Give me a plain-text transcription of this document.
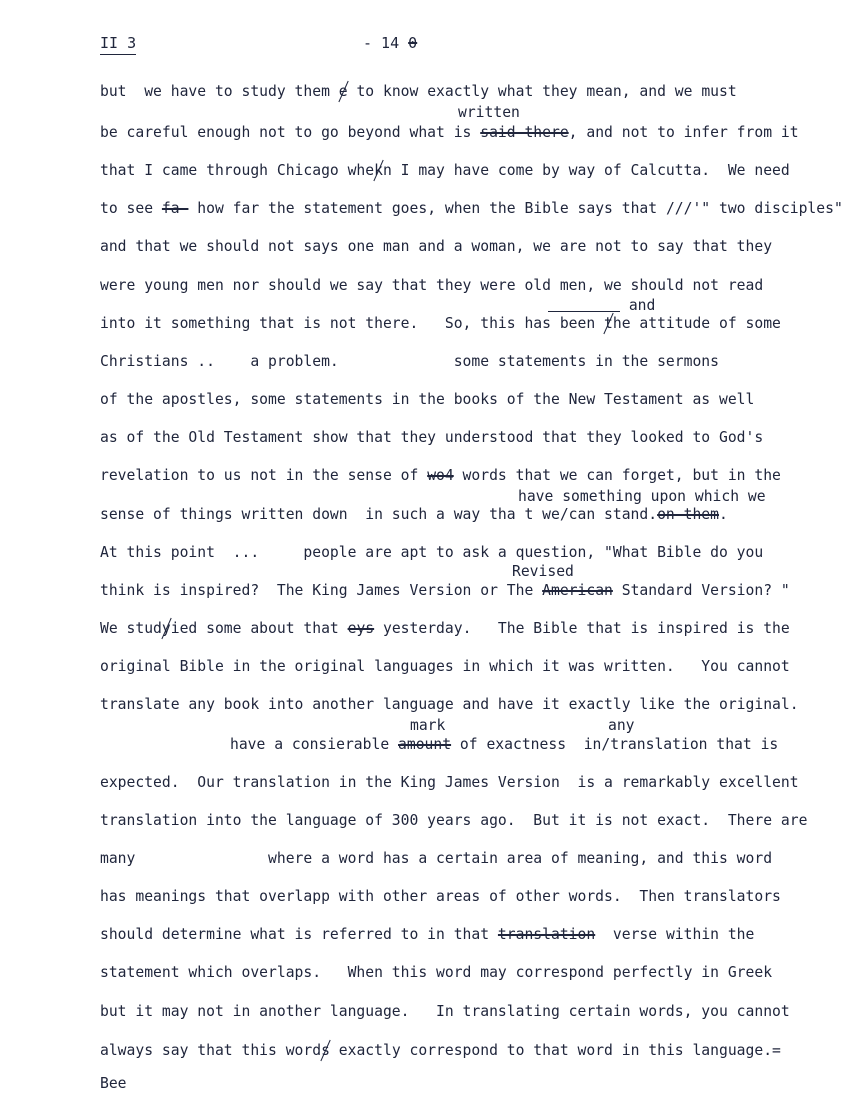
II 3	- 14 0
but  we have to study them e to know exactly what they mean, and we must
written
be careful enough not to go beyond what is said there, and not to infer from it
that I came through Chicago whekn I may have come by way of Calcutta.  We need
to see fa- how far the statement goes, when the Bible says that ///'" two disciples"
and that we should not says one man and a woman, we are not to say that they
were young men nor should we say that they were old men, we should not read
and
into it something that is not there.   So, this has been the attitude of some
Christians ..    a problem.             some statements in the sermons
of the apostles, some statements in the books of the New Testament as well
as of the Old Testament show that they understood that they looked to God's
revelation to us not in the sense of wo4 words that we can forget, but in the
have something upon which we
sense of things written down  in such a way tha t we/can stand.on them.
At this point  ...     people are apt to ask a question, "What Bible do you
Revised
think is inspired?  The King James Version or The American Standard Version? "
We studyied some about that eys yesterday.   The Bible that is inspired is the
original Bible in the original languages in which it was written.   You cannot
translate any book into another language and have it exactly like the original.
mark	any
have a consierable amount of exactness  in/translation that is
expected.  Our translation in the King James Version  is a remarkably excellent
translation into the language of 300 years ago.  But it is not exact.  There are
many               where a word has a certain area of meaning, and this word
has meanings that overlapp with other areas of other words.  Then translators
should determine what is referred to in that translation  verse within the
statement which overlaps.   When this word may correspond perfectly in Greek
but it may not in another language.   In translating certain words, you cannot
always say that this words exactly correspond to that word in this language.=
Bee
